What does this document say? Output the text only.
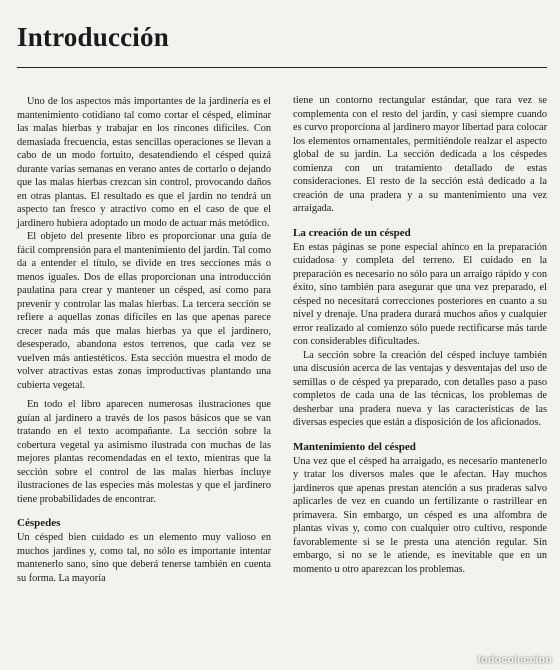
Introducción

Uno de los aspectos más importantes de la jardinería es el mantenimiento cotidiano tal como cortar el césped, eliminar las malas hierbas y trabajar en los rincones difíciles. Con demasiada frecuencia, estas sencillas operaciones se llevan a cabo de un modo fortuito, desatendiendo el césped quizá durante varias semanas en verano antes de cortarlo o dejando que las malas hierbas crezcan sin control, provocando daños en otras plantas. El resultado es que el jardín no tendrá un aspecto tan fresco y atractivo como en el caso de que el jardinero hubiera adoptado un modo de actuar más metódico.

El objeto del presente libro es proporcionar una guía de fácil comprensión para el mantenimiento del jardín. Tal como da a entender el título, se divide en tres secciones más o menos iguales. Dos de ellas proporcionan una introducción paulatina para crear y mantener un césped, así como para prevenir y controlar las malas hierbas. La tercera sección se refiere a aquellas zonas difíciles en las que apenas parece crecer nada más que malas hierbas ya que el jardinero, desesperado, abandona estos terrenos, que cada vez se vuelven más antiestéticos. Esta sección muestra el modo de volver atractivas estas zonas improductivas plantando una cubierta vegetal.

En todo el libro aparecen numerosas ilustraciones que guían al jardinero a través de los pasos básicos que se van tratando en el texto acompañante. La sección sobre la cobertura vegetal ya asimismo ilustrada con muchas de las mejores plantas recomendadas en el texto, mientras que la sección sobre el control de las malas hierbas incluye ilustraciones de las especies más molestas y que el jardinero tiene probabilidades de encontrar.

Céspedes

Un césped bien cuidado es un elemento muy valioso en muchos jardines y, como tal, no sólo es importante intentar mantenerlo sano, sino que deberá tenerse también en cuenta su forma. La mayoría

tiene un contorno rectangular estándar, que rara vez se complementa con el resto del jardín, y casi siempre cuando es curvo proporciona al jardinero mayor libertad para colocar los elementos ornamentales, permitiéndole realzar el aspecto global de su jardín. La sección dedicada a los céspedes comienza con un tratamiento detallado de estas consideraciones. El resto de la sección está dedicado a la creación de una pradera y a su mantenimiento una vez arraigada.

La creación de un césped

En estas páginas se pone especial ahínco en la preparación cuidadosa y completa del terreno. El cuidado en la preparación es necesario no sólo para un arraigo rápido y con éxito, sino también para asegurar que una vez preparado, el césped no necesitará correcciones posteriores en cuanto a su nivel y drenaje. Una pradera durará muchos años y cualquier error realizado al comienzo sólo puede rectificarse más tarde con considerables dificultades.

La sección sobre la creación del césped incluye también una discusión acerca de las ventajas y desventajas del uso de semillas o de césped ya preparado, con detalles paso a paso completos de cada una de las técnicas, los problemas de desherbar una pradera nueva y las características de las diversas especies que están a disposición de los aficionados.

Mantenimiento del césped

Una vez que el césped ha arraigado, es necesario mantenerlo y tratar los diversos males que le afectan. Hay muchos jardineros que apenas prestan atención a sus praderas salvo aplicarles de vez en cuando un fertilizante o rastrillear en primavera. Sin embargo, un césped es una alfombra de plantas vivas y, como con cualquier otro cultivo, responde favorablemente si se le presta una atención regular. Sin embargo, si no se le atiende, es inevitable que en un momento u otro aparezcan los problemas.

todocoleccion
